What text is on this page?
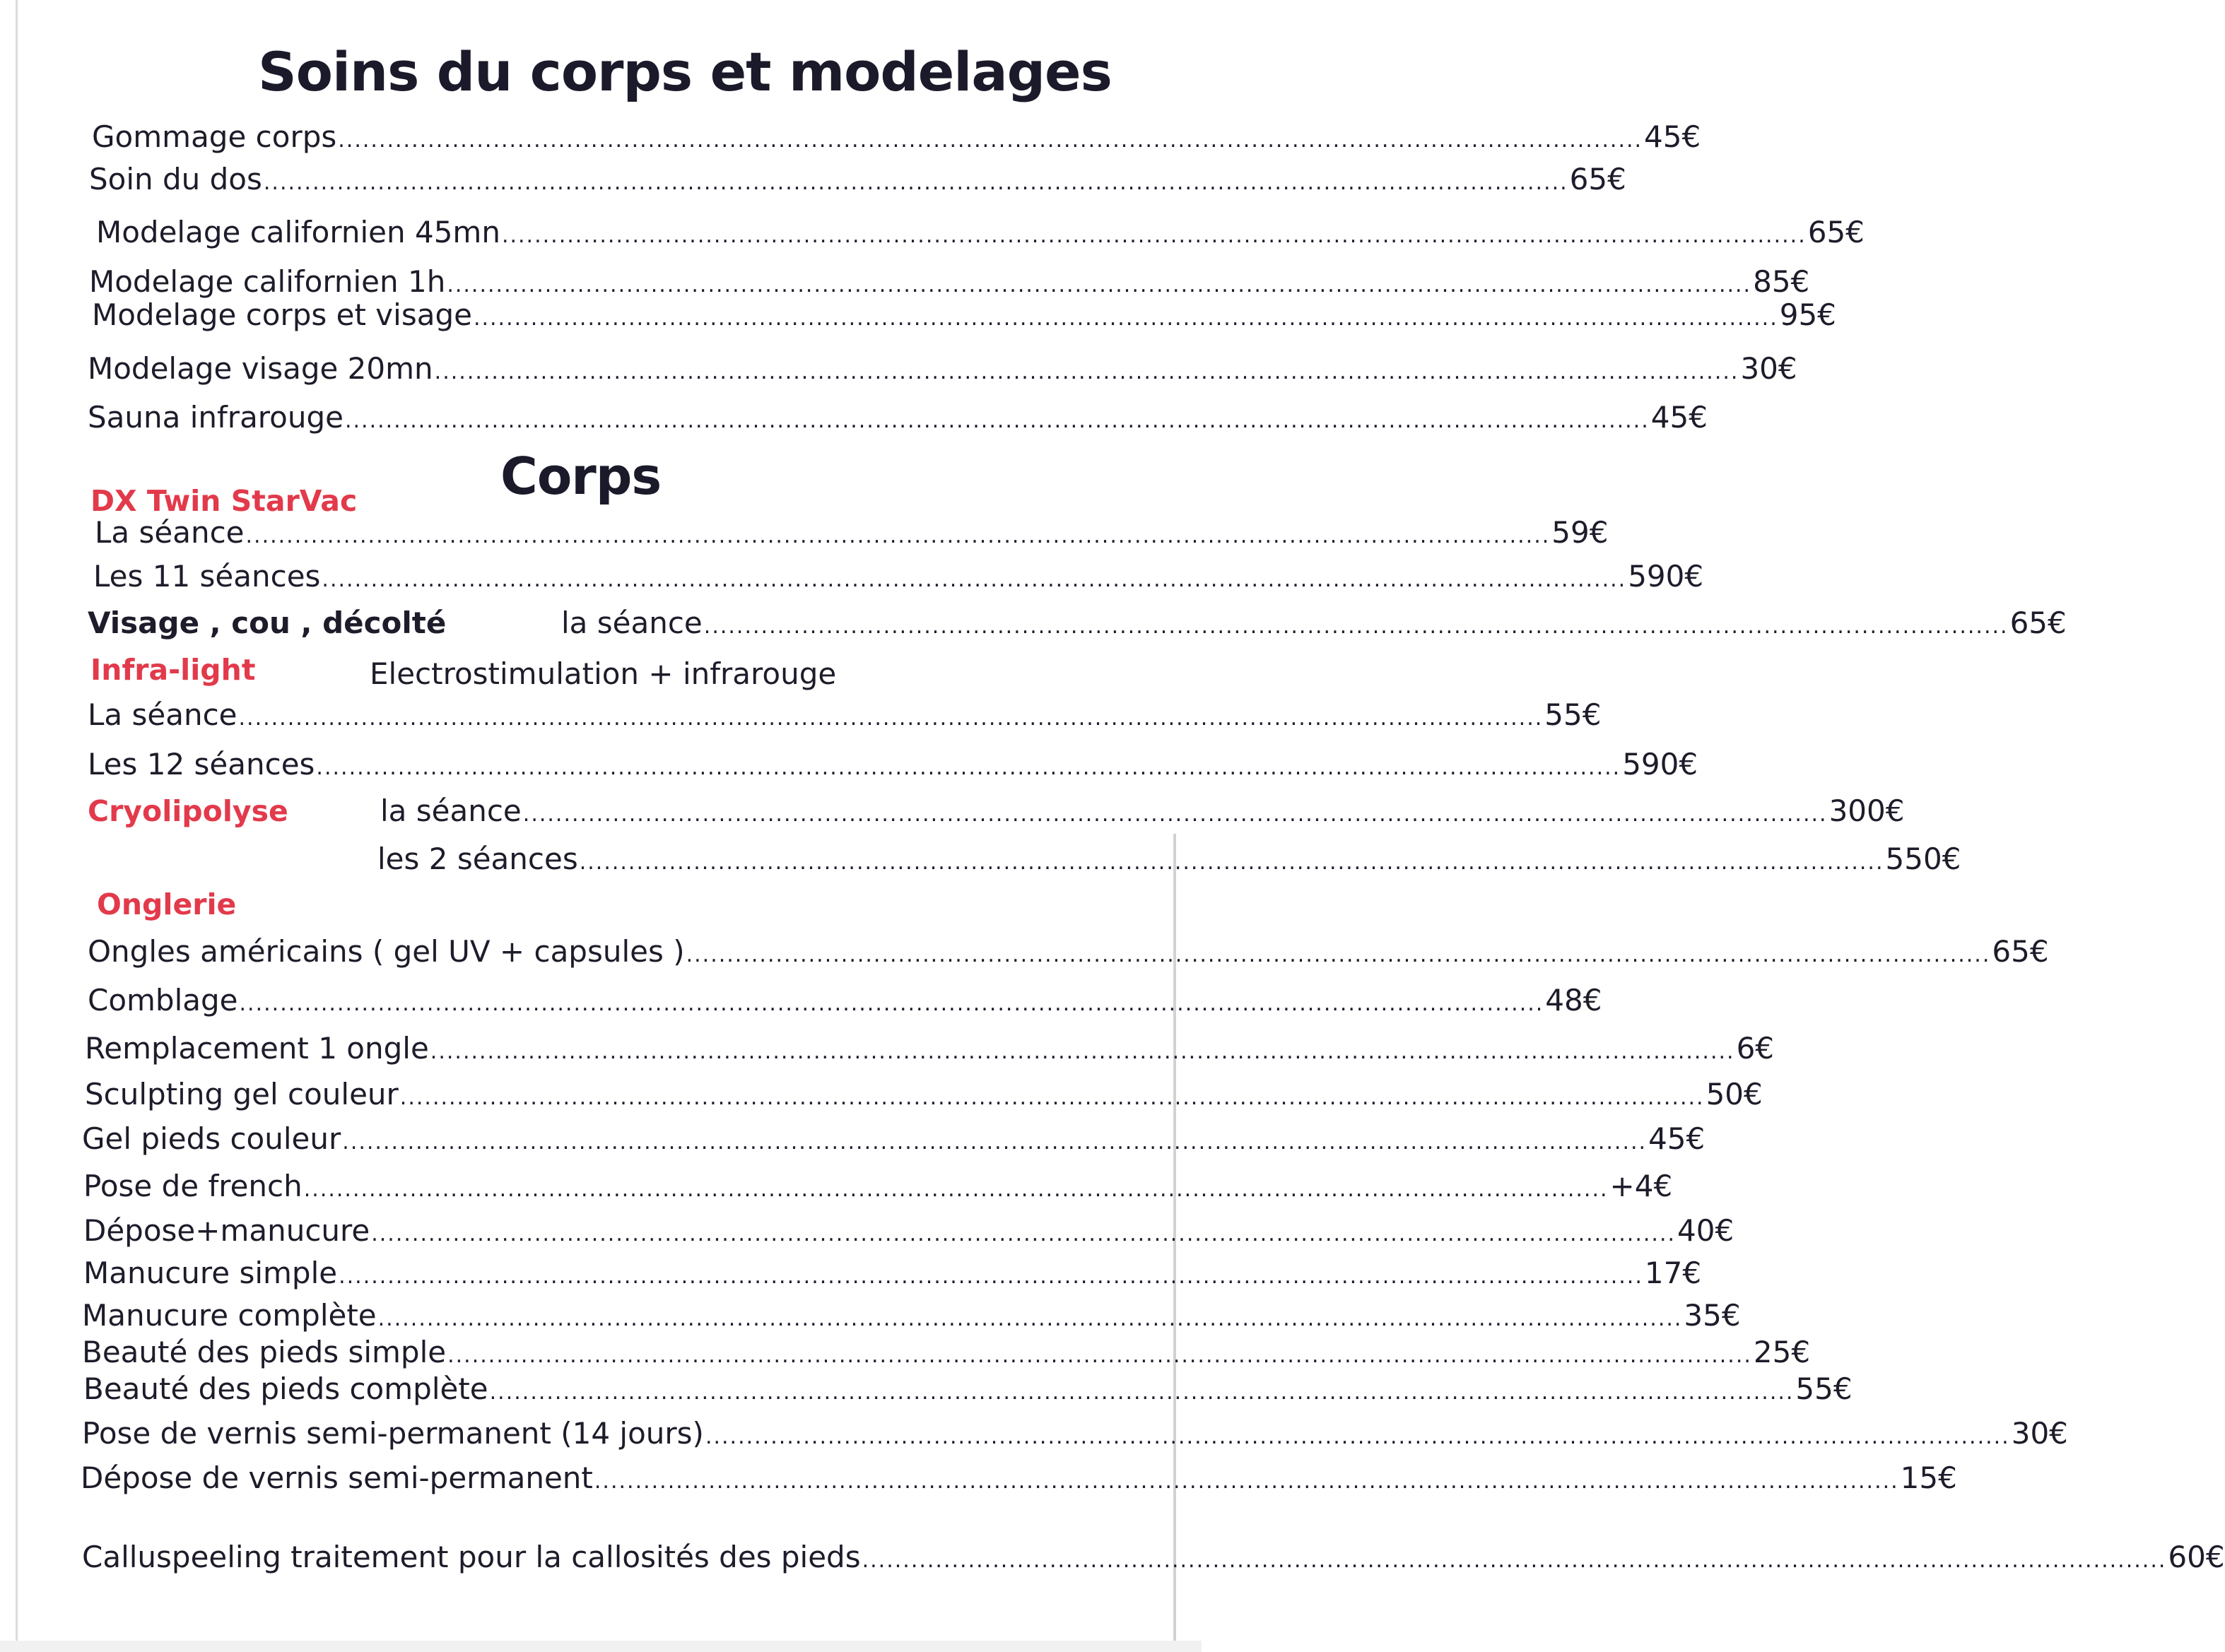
Soins du corps et modelages
Gommage corps ................................................................................................................................................................ 45€
Soin du dos ................................................................................................................................................................ 65€
Modelage californien 45mn ................................................................................................................................................................ 65€
Modelage californien 1h ................................................................................................................................................................ 85€
Modelage corps et visage ................................................................................................................................................................ 95€
Modelage visage 20mn ................................................................................................................................................................ 30€
Sauna infrarouge ................................................................................................................................................................ 45€
Corps
DX Twin StarVac
La séance ................................................................................................................................................................ 59€
Les 11 séances ................................................................................................................................................................ 590€
Visage , cou , décolté	la séance ................................................................................................................................................................ 65€
Infra-light	Electrostimulation + infrarouge
La séance ................................................................................................................................................................ 55€
Les 12 séances ................................................................................................................................................................ 590€
Cryolipolyse	la séance ................................................................................................................................................................ 300€
les 2 séances ................................................................................................................................................................ 550€
Onglerie
Ongles américains ( gel UV + capsules ) ................................................................................................................................................................ 65€
Comblage ................................................................................................................................................................ 48€
Remplacement 1 ongle ................................................................................................................................................................ 6€
Sculpting gel couleur ................................................................................................................................................................ 50€
Gel pieds couleur ................................................................................................................................................................ 45€
Pose de french ................................................................................................................................................................ +4€
Dépose+manucure ................................................................................................................................................................ 40€
Manucure simple ................................................................................................................................................................ 17€
Manucure complète ................................................................................................................................................................ 35€
Beauté des pieds simple ................................................................................................................................................................ 25€
Beauté des pieds complète ................................................................................................................................................................ 55€
Pose de vernis semi-permanent (14 jours) ................................................................................................................................................................ 30€
Dépose de vernis semi-permanent ................................................................................................................................................................ 15€
Calluspeeling traitement pour la callosités des pieds ................................................................................................................................................................ 60€
